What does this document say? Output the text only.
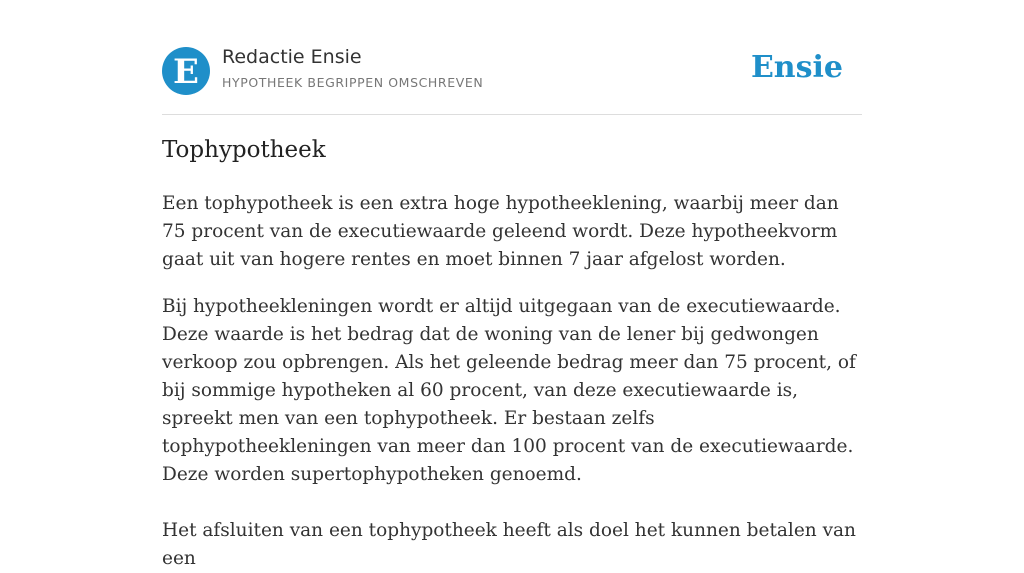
E Redactie Ensie
HYPOTHEEK BEGRIPPEN OMSCHREVEN	Ensie
Tophypotheek

Een tophypotheek is een extra hoge hypotheeklening, waarbij meer dan 75 procent van de executiewaarde geleend wordt. Deze hypotheekvorm gaat uit van hogere rentes en moet binnen 7 jaar afgelost worden.

Bij hypotheekleningen wordt er altijd uitgegaan van de executiewaarde. Deze waarde is het bedrag dat de woning van de lener bij gedwongen verkoop zou opbrengen. Als het geleende bedrag meer dan 75 procent, of bij sommige hypotheken al 60 procent, van deze executiewaarde is, spreekt men van een tophypotheek. Er bestaan zelfs tophypotheekleningen van meer dan 100 procent van de executiewaarde. Deze worden supertophypotheken genoemd.

Het afsluiten van een tophypotheek heeft als doel het kunnen betalen van een
